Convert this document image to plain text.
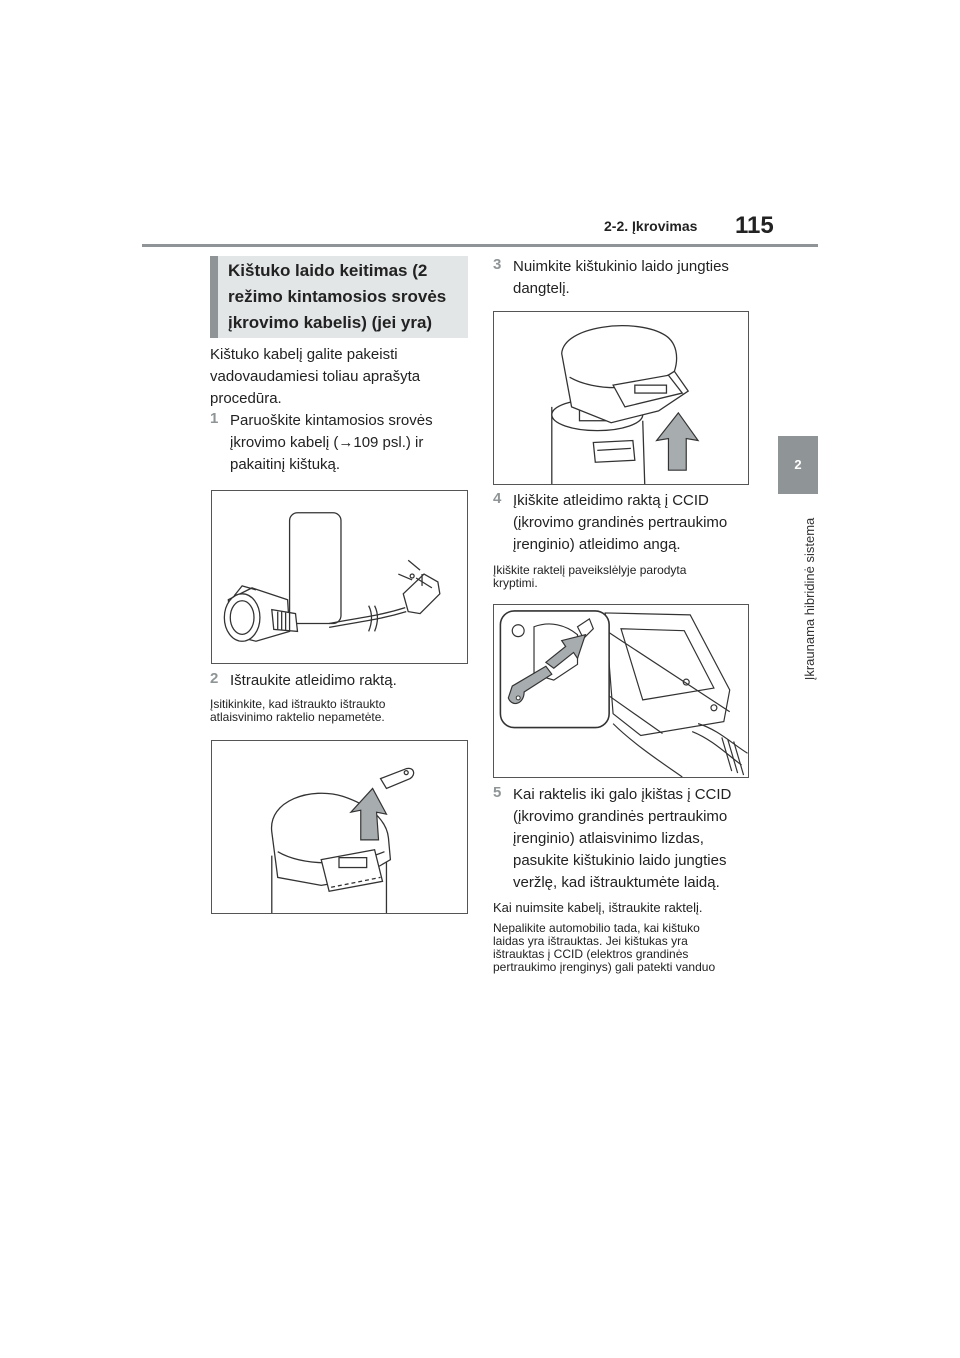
2-2. Įkrovimas 115
2
Įkraunama hibridinė sistema
Kištuko laido keitimas (2
režimo kintamosios srovės
įkrovimo kabelis) (jei yra)
Kištuko kabelį galite pakeisti
vadovaudamiesi toliau aprašyta
procedūra.
1 Paruoškite kintamosios srovės
įkrovimo kabelį (→109 psl.) ir
pakaitinį kištuką.
2 Ištraukite atleidimo raktą.
Įsitikinkite, kad ištraukto ištraukto
atlaisvinimo raktelio nepametėte.
3 Nuimkite kištukinio laido jungties
dangtelį.
4 Įkiškite atleidimo raktą į CCID
(įkrovimo grandinės pertraukimo
įrenginio) atleidimo angą.
Įkiškite raktelį paveikslėlyje parodyta
kryptimi.
5 Kai raktelis iki galo įkištas į CCID
(įkrovimo grandinės pertraukimo
įrenginio) atlaisvinimo lizdas,
pasukite kištukinio laido jungties
veržlę, kad ištrauktumėte laidą.
Kai nuimsite kabelį, ištraukite raktelį.
Nepalikite automobilio tada, kai kištuko
laidas yra ištrauktas. Jei kištukas yra
ištrauktas į CCID (elektros grandinės
pertraukimo įrenginys) gali patekti vanduo
